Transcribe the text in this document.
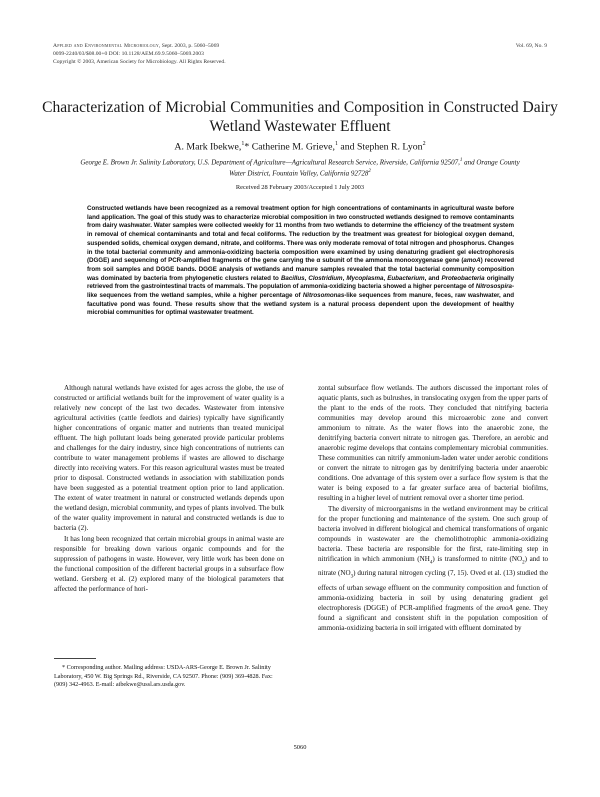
Applied and Environmental Microbiology, Sept. 2003, p. 5060–5069
0099-2240/03/$08.00+0 DOI: 10.1128/AEM.69.9.5060–5069.2003
Copyright © 2003, American Society for Microbiology. All Rights Reserved.
Vol. 69, No. 9
Characterization of Microbial Communities and Composition in Constructed Dairy Wetland Wastewater Effluent
A. Mark Ibekwe,$^1$* Catherine M. Grieve,$^1$ and Stephen R. Lyon$^2$
George E. Brown Jr. Salinity Laboratory, U.S. Department of Agriculture—Agricultural Research Service, Riverside, California 92507,$^1$ and Orange County Water District, Fountain Valley, California 92728$^2$
Received 28 February 2003/Accepted 1 July 2003
Constructed wetlands have been recognized as a removal treatment option for high concentrations of contaminants in agricultural waste before land application. The goal of this study was to characterize microbial composition in two constructed wetlands designed to remove contaminants from dairy washwater. Water samples were collected weekly for 11 months from two wetlands to determine the efficiency of the treatment system in removal of chemical contaminants and total and fecal coliforms. The reduction by the treatment was greatest for biological oxygen demand, suspended solids, chemical oxygen demand, nitrate, and coliforms. There was only moderate removal of total nitrogen and phosphorus. Changes in the total bacterial community and ammonia-oxidizing bacteria composition were examined by using denaturing gradient gel electrophoresis (DGGE) and sequencing of PCR-amplified fragments of the gene carrying the α subunit of the ammonia monooxygenase gene (amoA) recovered from soil samples and DGGE bands. DGGE analysis of wetlands and manure samples revealed that the total bacterial community composition was dominated by bacteria from phylogenetic clusters related to Bacillus, Clostridium, Mycoplasma, Eubacterium, and Proteobacteria originally retrieved from the gastrointestinal tracts of mammals. The population of ammonia-oxidizing bacteria showed a higher percentage of Nitrosospira-like sequences from the wetland samples, while a higher percentage of Nitrosomonas-like sequences from manure, feces, raw washwater, and facultative pond was found. These results show that the wetland system is a natural process dependent upon the development of healthy microbial communities for optimal wastewater treatment.

Although natural wetlands have existed for ages across the globe, the use of constructed or artificial wetlands built for the improvement of water quality is a relatively new concept of the last two decades. Wastewater from intensive agricultural activities (cattle feedlots and dairies) typically have significantly higher concentrations of organic matter and nutrients than treated municipal effluent. The high pollutant loads being generated provide particular problems and challenges for the dairy industry, since high concentrations of nutrients can contribute to water management problems if wastes are allowed to discharge directly into receiving waters. For this reason agricultural wastes must be treated prior to disposal. Constructed wetlands in association with stabilization ponds have been suggested as a potential treatment option prior to land application. The extent of water treatment in natural or constructed wetlands depends upon the wetland design, microbial community, and types of plants involved. The bulk of the water quality improvement in natural and constructed wetlands is due to bacteria (2).

It has long been recognized that certain microbial groups in animal waste are responsible for breaking down various organic compounds and for the suppression of pathogens in waste. However, very little work has been done on the functional composition of the different bacterial groups in a subsurface flow wetland. Gersberg et al. (2) explored many of the biological parameters that affected the performance of hori-

zontal subsurface flow wetlands. The authors discussed the important roles of aquatic plants, such as bulrushes, in translocating oxygen from the upper parts of the plant to the ends of the roots. They concluded that nitrifying bacteria communities may develop around this microaerobic zone and convert ammonium to nitrate. As the water flows into the anaerobic zone, the denitrifying bacteria convert nitrate to nitrogen gas. Therefore, an aerobic and anaerobic regime develops that contains complementary microbial communities. These communities can nitrify ammonium-laden water under aerobic conditions or convert the nitrate to nitrogen gas by denitrifying bacteria under anaerobic conditions. One advantage of this system over a surface flow system is that the water is being exposed to a far greater surface area of bacterial biofilms, resulting in a higher level of nutrient removal over a shorter time period.

The diversity of microorganisms in the wetland environment may be critical for the proper functioning and maintenance of the system. One such group of bacteria involved in different biological and chemical transformations of organic compounds in wastewater are the chemolithotrophic ammonia-oxidizing bacteria. These bacteria are responsible for the first, rate-limiting step in nitrification in which ammonium $(NH_4)$ is transformed to nitrite $(NO_2)$ and to nitrate $(NO_3)$ during natural nitrogen cycling (7, 15). Oved et al. (13) studied the effects of urban sewage effluent on the community composition and function of ammonia-oxidizing bacteria in soil by using denaturing gradient gel electrophoresis (DGGE) of PCR-amplified fragments of the amoA gene. They found a significant and consistent shift in the population composition of ammonia-oxidizing bacteria in soil irrigated with effluent dominated by

* Corresponding author. Mailing address: USDA-ARS-George E. Brown Jr. Salinity Laboratory, 450 W. Big Springs Rd., Riverside, CA 92507. Phone: (909) 369-4828. Fax: (909) 342-4963. E-mail: aibekwe@ussl.ars.usda.gov.
5060
